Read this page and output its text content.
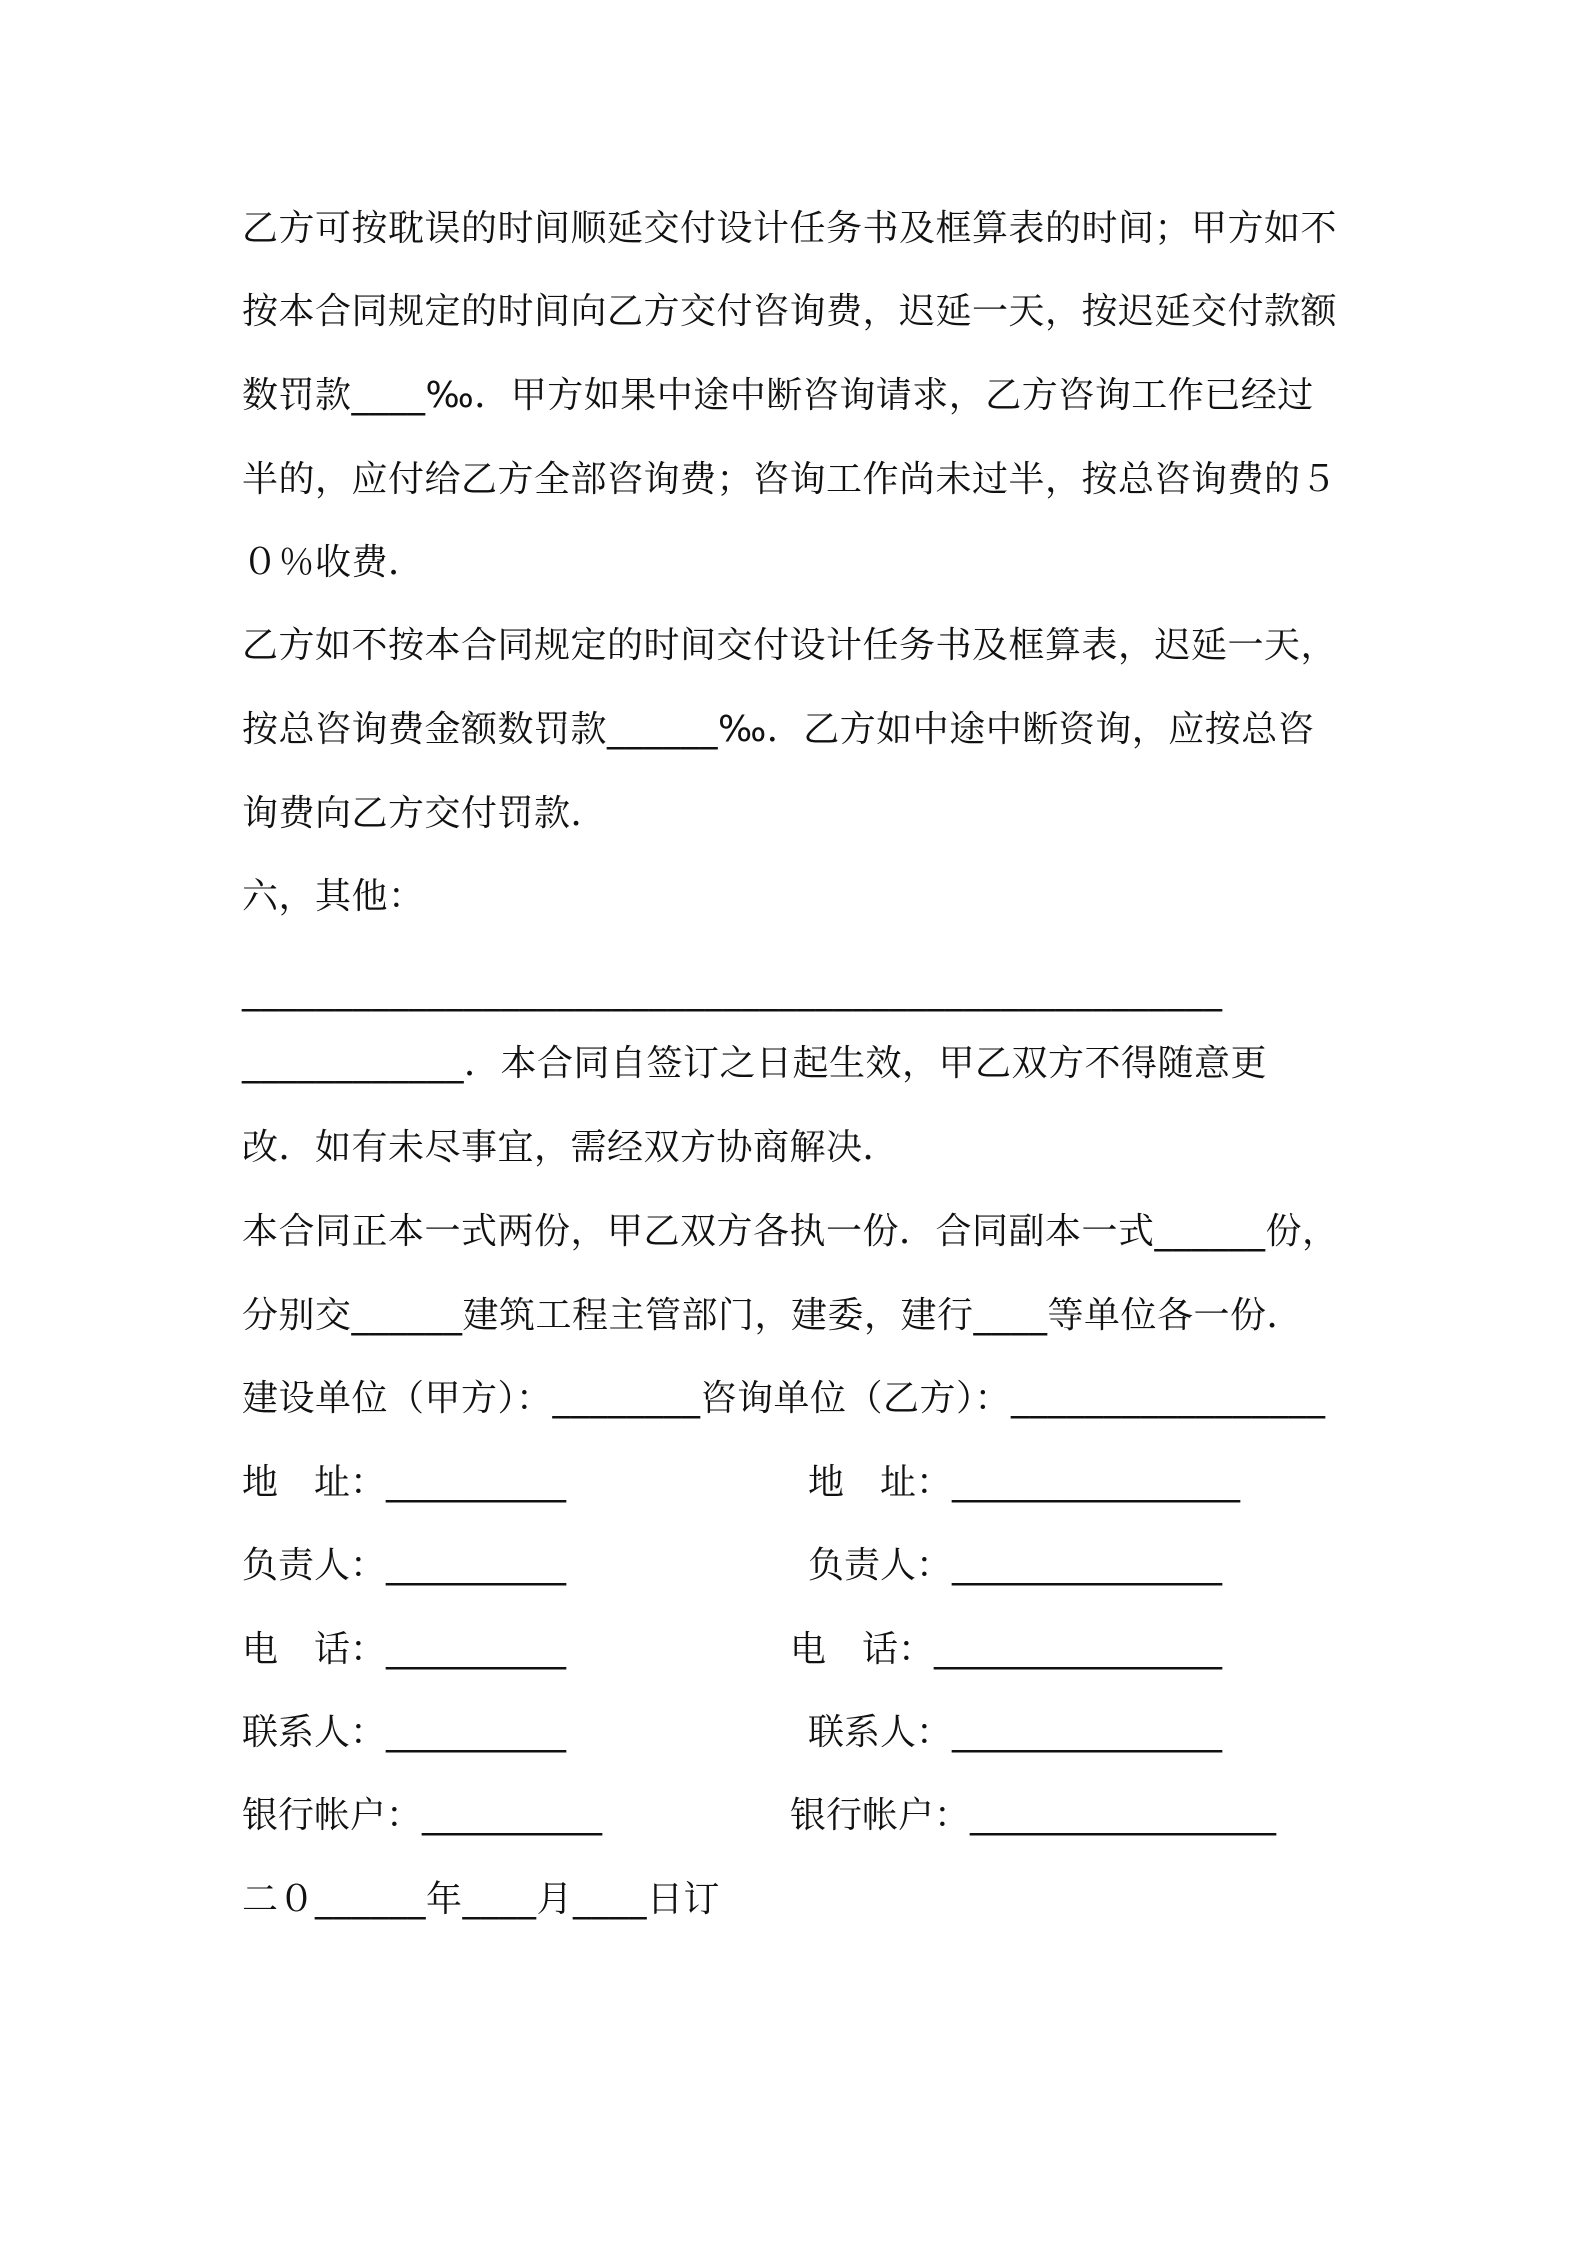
乙方可按耽误的时间顺延交付设计任务书及框算表的时间；甲方如不
按本合同规定的时间向乙方交付咨询费，迟延一天，按迟延交付款额
数罚款____‰．甲方如果中途中断咨询请求，乙方咨询工作已经过
半的，应付给乙方全部咨询费；咨询工作尚未过半，按总咨询费的５
０％收费．
乙方如不按本合同规定的时间交付设计任务书及框算表，迟延一天，
按总咨询费金额数罚款______‰．乙方如中途中断资询，应按总咨
询费向乙方交付罚款．
六，其他：
_____________________________________________________
____________．本合同自签订之日起生效，甲乙双方不得随意更
改．如有未尽事宜，需经双方协商解决．
本合同正本一式两份，甲乙双方各执一份．合同副本一式______份，
分别交______建筑工程主管部门，建委，建行____等单位各一份．
建设单位（甲方）：________咨询单位（乙方）：_________________
地　址：__________
负责人：__________
电　话：__________
联系人：__________
银行帐户：__________
地　址：________________
负责人：_______________
电　话：________________
联系人：_______________
银行帐户：_________________
二０______年____月____日订
